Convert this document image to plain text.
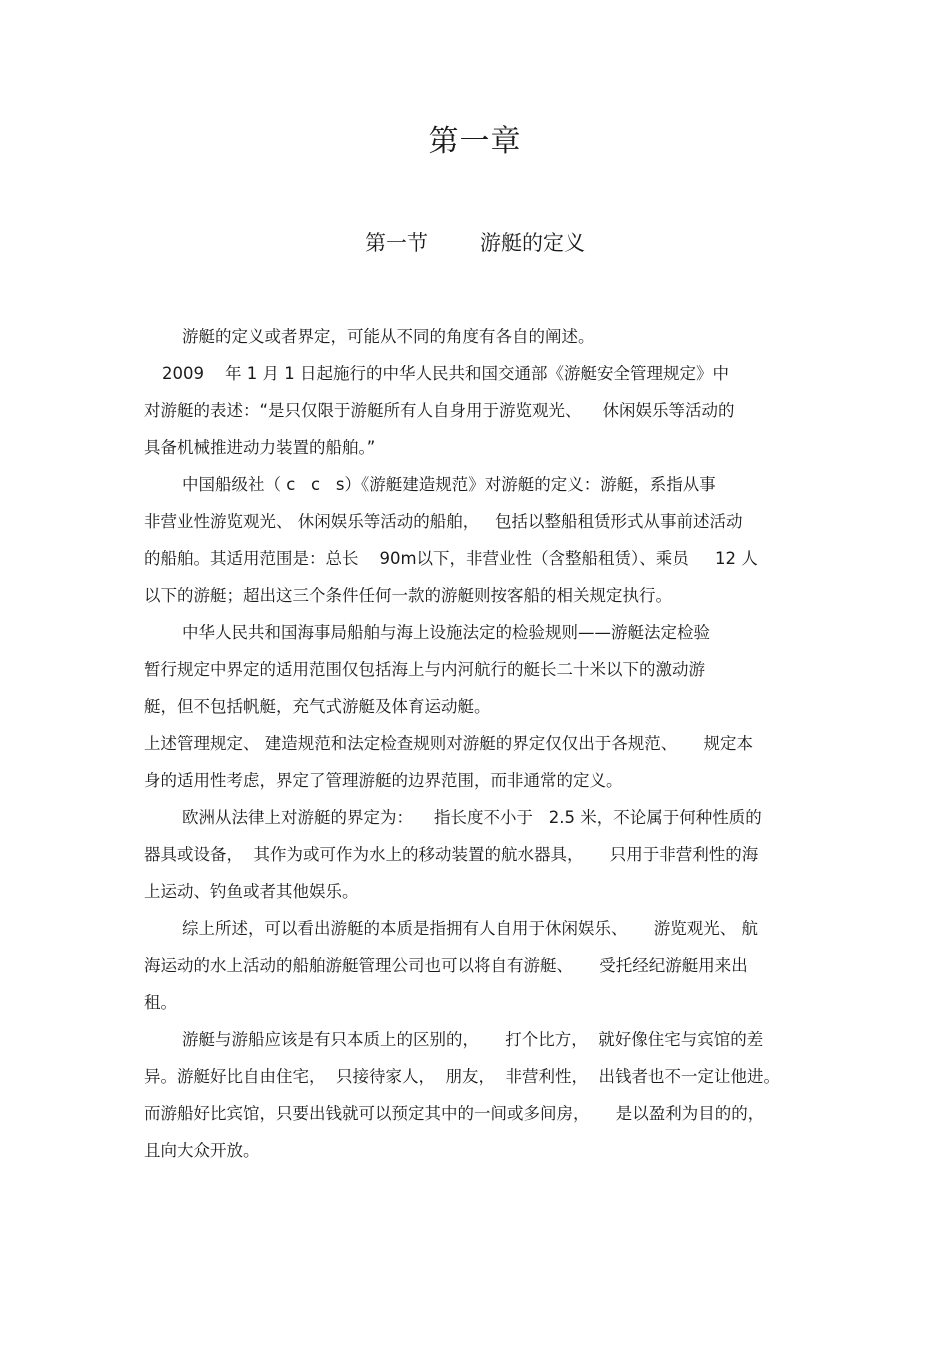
第一章
第一节 游艇的定义
游艇的定义或者界定，可能从不同的角度有各自的阐述。
2009    年 1 月 1 日起施行的中华人民共和国交通部《游艇安全管理规定》中
对游艇的表述：“是只仅限于游艇所有人自身用于游览观光、    休闲娱乐等活动的
具备机械推进动力装置的船舶。”
中国船级社（ c   c   s）《游艇建造规范》对游艇的定义：游艇，系指从事
非营业性游览观光、 休闲娱乐等活动的船舶，   包括以整船租赁形式从事前述活动
的船舶。其适用范围是：总长    90m以下，非营业性（含整船租赁）、乘员     12 人
以下的游艇；超出这三个条件任何一款的游艇则按客船的相关规定执行。
中华人民共和国海事局船舶与海上设施法定的检验规则——游艇法定检验
暂行规定中界定的适用范围仅包括海上与内河航行的艇长二十米以下的激动游
艇，但不包括帆艇，充气式游艇及体育运动艇。
上述管理规定、 建造规范和法定检查规则对游艇的界定仅仅出于各规范、     规定本
身的适用性考虑，界定了管理游艇的边界范围，而非通常的定义。
欧洲从法律上对游艇的界定为：    指长度不小于   2.5 米，不论属于何种性质的
器具或设备，  其作为或可作为水上的移动装置的航水器具，     只用于非营利性的海
上运动、钓鱼或者其他娱乐。
综上所述，可以看出游艇的本质是指拥有人自用于休闲娱乐、     游览观光、 航
海运动的水上活动的船舶游艇管理公司也可以将自有游艇、     受托经纪游艇用来出
租。
游艇与游船应该是有只本质上的区别的，     打个比方，  就好像住宅与宾馆的差
异。游艇好比自由住宅，  只接待家人，  朋友，  非营利性，  出钱者也不一定让他进。
而游船好比宾馆，只要出钱就可以预定其中的一间或多间房，     是以盈利为目的的，
且向大众开放。
